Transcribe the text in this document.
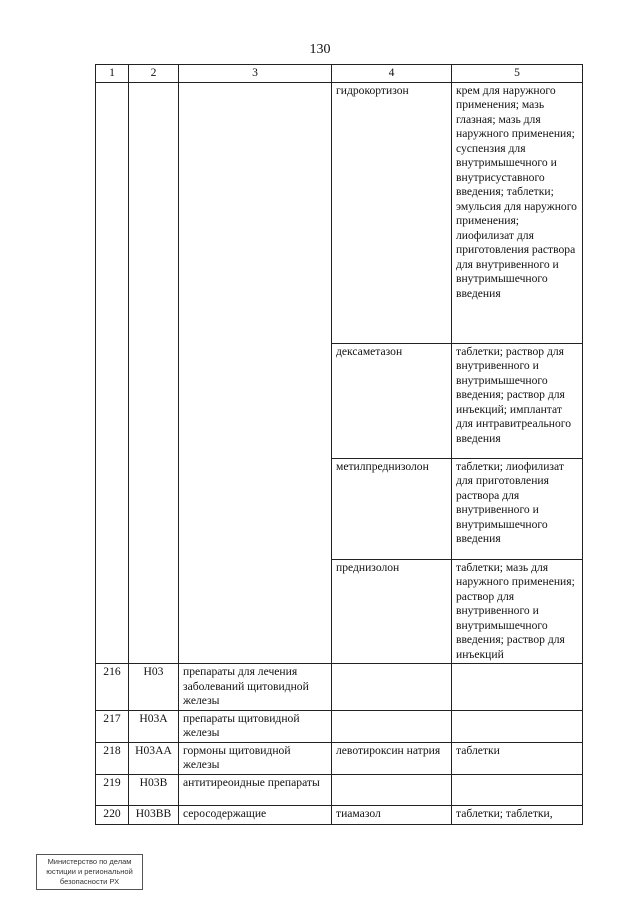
130
1	2	3	4	5
			гидрокортизон	крем для наружного применения; мазь глазная; мазь для наружного применения; суспензия для внутримышечного и внутрисуставного введения; таблетки; эмульсия для наружного применения; лиофилизат для приготовления раствора для внутривенного и внутримышечного введения
			дексаметазон	таблетки; раствор для внутривенного и внутримышечного введения; раствор для инъекций; имплантат для интравитреального введения
			метилпреднизолон	таблетки; лиофилизат для приготовления раствора для внутривенного и внутримышечного введения
			преднизолон	таблетки; мазь для наружного применения; раствор для внутривенного и внутримышечного введения; раствор для инъекций
216	H03	препараты для лечения заболеваний щитовидной железы		
217	H03A	препараты щитовидной железы		
218	H03AA	гормоны щитовидной железы	левотироксин натрия	таблетки
219	H03B	антитиреоидные препараты		
220	H03BB	серосодержащие	тиамазол	таблетки; таблетки,
Министерство по делам
юстиции и региональной
безопасности РХ
